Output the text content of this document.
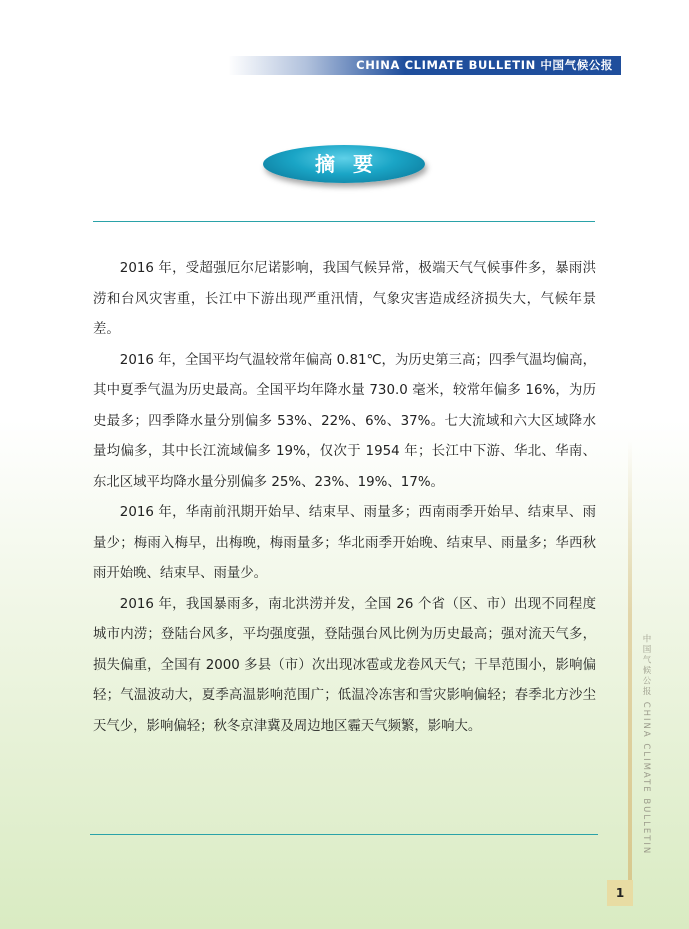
CHINA CLIMATE BULLETIN 中国气候公报
摘要

2016 年，受超强厄尔尼诺影响，我国气候异常，极端天气气候事件多，暴雨洪涝和台风灾害重，长江中下游出现严重汛情，气象灾害造成经济损失大，气候年景差。

2016 年，全国平均气温较常年偏高 0.81℃，为历史第三高；四季气温均偏高，其中夏季气温为历史最高。全国平均年降水量 730.0 毫米，较常年偏多 16%，为历史最多；四季降水量分别偏多 53%、22%、6%、37%。七大流域和六大区域降水量均偏多，其中长江流域偏多 19%，仅次于 1954 年；长江中下游、华北、华南、东北区域平均降水量分别偏多 25%、23%、19%、17%。

2016 年，华南前汛期开始早、结束早、雨量多；西南雨季开始早、结束早、雨量少；梅雨入梅早，出梅晚，梅雨量多；华北雨季开始晚、结束早、雨量多；华西秋雨开始晚、结束早、雨量少。

2016 年，我国暴雨多，南北洪涝并发，全国 26 个省（区、市）出现不同程度城市内涝；登陆台风多，平均强度强，登陆强台风比例为历史最高；强对流天气多，损失偏重，全国有 2000 多县（市）次出现冰雹或龙卷风天气；干旱范围小，影响偏轻；气温波动大，夏季高温影响范围广；低温冷冻害和雪灾影响偏轻；春季北方沙尘天气少，影响偏轻；秋冬京津冀及周边地区霾天气频繁，影响大。	中国气候公报 CHINA CLIMATE BULLETIN
1
